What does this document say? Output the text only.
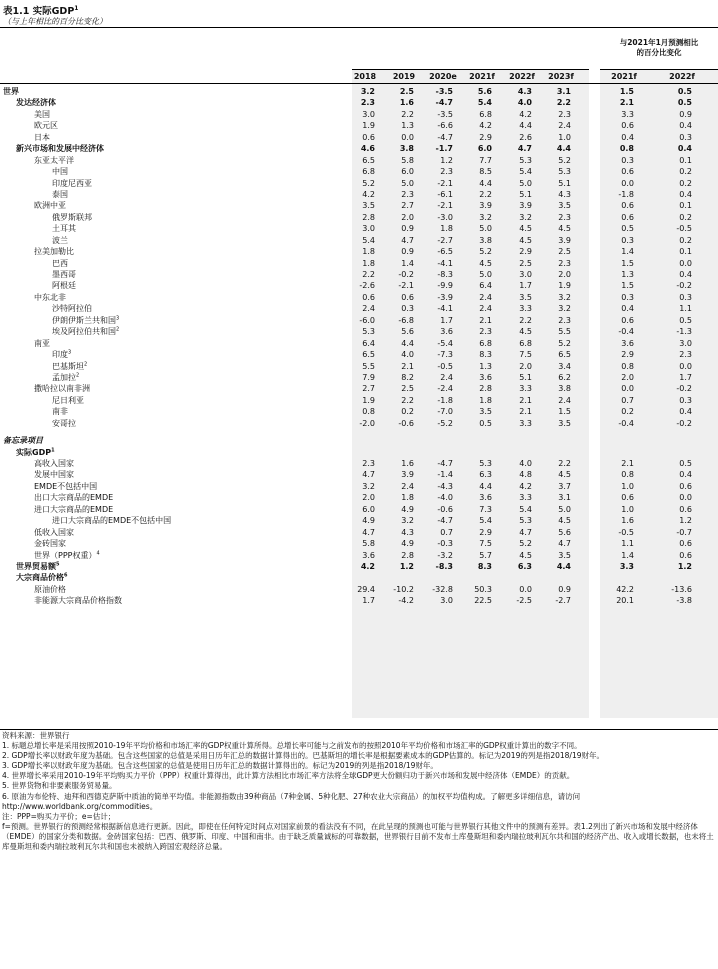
表1.1 实际GDP$^1$
（与上年相比的百分比变化）
与2021年1月预测相比
的百分比变化
2018	2019	2020e	2021f 2022f 2023f	2021f	2022f
世界	3.2	2.5	-3.5	5.6	4.3	3.1	1.5	0.5
发达经济体	2.3	1.6	-4.7	5.4	4.0	2.2	2.1	0.5
美国	3.0	2.2	-3.5	6.8	4.2	2.3	3.3	0.9
欧元区	1.9	1.3	-6.6	4.2	4.4	2.4	0.6	0.4
日本	0.6	0.0	-4.7	2.9	2.6	1.0	0.4	0.3
新兴市场和发展中经济体	4.6	3.8	-1.7	6.0	4.7	4.4	0.8	0.4
东亚太平洋	6.5	5.8	1.2	7.7	5.3	5.2	0.3	0.1
中国	6.8	6.0	2.3	8.5	5.4	5.3	0.6	0.2
印度尼西亚	5.2	5.0	-2.1	4.4	5.0	5.1	0.0	0.2
泰国	4.2	2.3	-6.1	2.2	5.1	4.3	-1.8	0.4
欧洲中亚	3.5	2.7	-2.1	3.9	3.9	3.5	0.6	0.1
俄罗斯联邦	2.8	2.0	-3.0	3.2	3.2	2.3	0.6	0.2
土耳其	3.0	0.9	1.8	5.0	4.5	4.5	0.5	-0.5
波兰	5.4	4.7	-2.7	3.8	4.5	3.9	0.3	0.2
拉美加勒比	1.8	0.9	-6.5	5.2	2.9	2.5	1.4	0.1
巴西	1.8	1.4	-4.1	4.5	2.5	2.3	1.5	0.0
墨西哥	2.2	-0.2	-8.3	5.0	3.0	2.0	1.3	0.4
阿根廷	-2.6	-2.1	-9.9	6.4	1.7	1.9	1.5	-0.2
中东北非	0.6	0.6	-3.9	2.4	3.5	3.2	0.3	0.3
沙特阿拉伯	2.4	0.3	-4.1	2.4	3.3	3.2	0.4	1.1
伊朗伊斯兰共和国$^3$	-6.0	-6.8	1.7	2.1	2.2	2.3	0.6	0.5
埃及阿拉伯共和国$^2$	5.3	5.6	3.6	2.3	4.5	5.5	-0.4	-1.3
南亚	6.4	4.4	-5.4	6.8	6.8	5.2	3.6	3.0
印度$^3$	6.5	4.0	-7.3	8.3	7.5	6.5	2.9	2.3
巴基斯坦$^2$	5.5	2.1	-0.5	1.3	2.0	3.4	0.8	0.0
孟加拉$^2$	7.9	8.2	2.4	3.6	5.1	6.2	2.0	1.7
撒哈拉以南非洲	2.7	2.5	-2.4	2.8	3.3	3.8	0.0	-0.2
尼日利亚	1.9	2.2	-1.8	1.8	2.1	2.4	0.7	0.3
南非	0.8	0.2	-7.0	3.5	2.1	1.5	0.2	0.4
安哥拉	-2.0	-0.6	-5.2	0.5	3.3	3.5	-0.4	-0.2
备忘录项目
实际GDP$^1$
高收入国家	2.3	1.6	-4.7	5.3	4.0	2.2	2.1	0.5
发展中国家	4.7	3.9	-1.4	6.3	4.8	4.5	0.8	0.4
EMDE不包括中国	3.2	2.4	-4.3	4.4	4.2	3.7	1.0	0.6
出口大宗商品的EMDE	2.0	1.8	-4.0	3.6	3.3	3.1	0.6	0.0
进口大宗商品的EMDE	6.0	4.9	-0.6	7.3	5.4	5.0	1.0	0.6
进口大宗商品的EMDE不包括中国	4.9	3.2	-4.7	5.4	5.3	4.5	1.6	1.2
低收入国家	4.7	4.3	0.7	2.9	4.7	5.6	-0.5	-0.7
金砖国家	5.8	4.9	-0.3	7.5	5.2	4.7	1.1	0.6
世界（PPP权重）$^4$	3.6	2.8	-3.2	5.7	4.5	3.5	1.4	0.6
世界贸易额$^5$	4.2	1.2	-8.3	8.3	6.3	4.4	3.3	1.2
大宗商品价格$^6$
原油价格	29.4	-10.2	-32.8	50.3	0.0	0.9	42.2	-13.6
非能源大宗商品价格指数	1.7	-4.2	3.0	22.5	-2.5	-2.7	20.1	-3.8
资料来源：世界银行
1. 标题总增长率是采用按照2010-19年平均价格和市场汇率的GDP权重计算所得。总增长率可能与之前发布的按照2010年平均价格和市场汇率的GDP权重计算出的数字不同。
2. GDP增长率以财政年度为基础。包含这些国家的总值是采用日历年汇总的数据计算得出的。巴基斯坦的增长率是根据要素成本的GDP估算的。标记为2019的列是指2018/19财年。
3. GDP增长率以财政年度为基础。包含这些国家的总值是使用日历年汇总的数据计算得出的。标记为2019的列是指2018/19财年。
4. 世界增长率采用2010-19年平均购买力平价（PPP）权重计算得出，此计算方法相比市场汇率方法将全球GDP更大份额归功于新兴市场和发展中经济体（EMDE）的贡献。
5. 世界货物和非要素服务贸易量。
6. 原油为布伦特、迪拜和西德克萨斯中质油的简单平均值。非能源指数由39种商品（7种金属、5种化肥、27种农业大宗商品）的加权平均值构成。了解更多详细信息，请访问http://www.worldbank.org/commodities。
注：PPP=购买力平价；e=估计；
f=预测。世界银行的预测经常根据新信息进行更新。因此，即使在任何特定时间点对国家前景的看法没有不同，在此呈现的预测也可能与世界银行其他文件中的预测有差异。表1.2列出了新兴市场和发展中经济体（EMDE）的国家分类和数据。金砖国家包括：巴西、俄罗斯、印度、中国和南非。由于缺乏质量诚标的可靠数据，世界银行目前不发布土库曼斯坦和委内瑞拉玻利瓦尔共和国的经济产出、收入或增长数据，也未将土库曼斯坦和委内瑞拉玻利瓦尔共和国也未被纳入跨国宏观经济总量。
